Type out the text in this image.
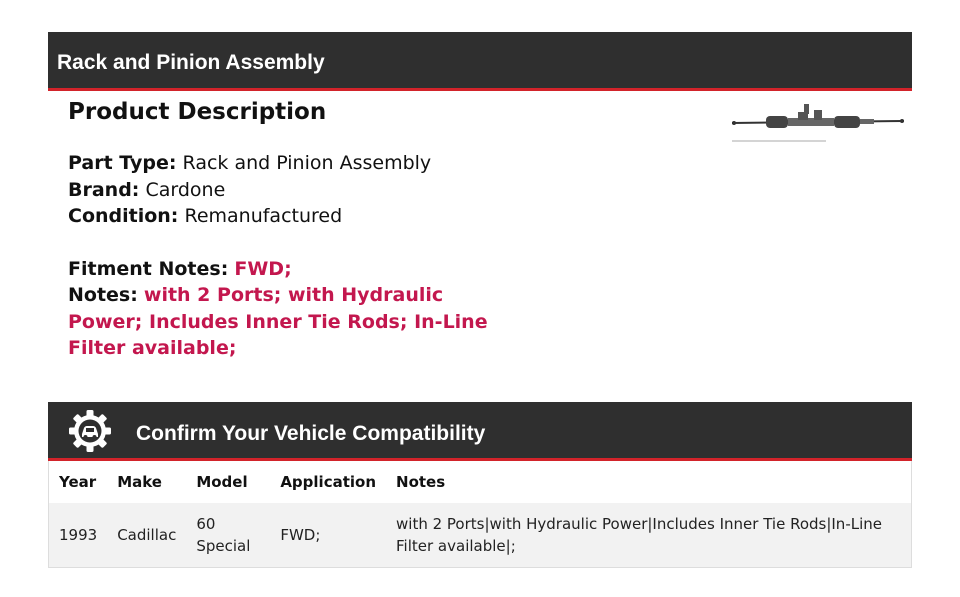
Rack and Pinion Assembly
Product Description
Part Type: Rack and Pinion Assembly
Brand: Cardone
Condition: Remanufactured
Fitment Notes: FWD;
Notes: with 2 Ports; with Hydraulic Power; Includes Inner Tie Rods; In-Line Filter available;
Confirm Your Vehicle Compatibility
Year	Make	Model	Application	Notes
1993	Cadillac	60 Special	FWD;	with 2 Ports|with Hydraulic Power|Includes Inner Tie Rods|In-Line Filter available|;
